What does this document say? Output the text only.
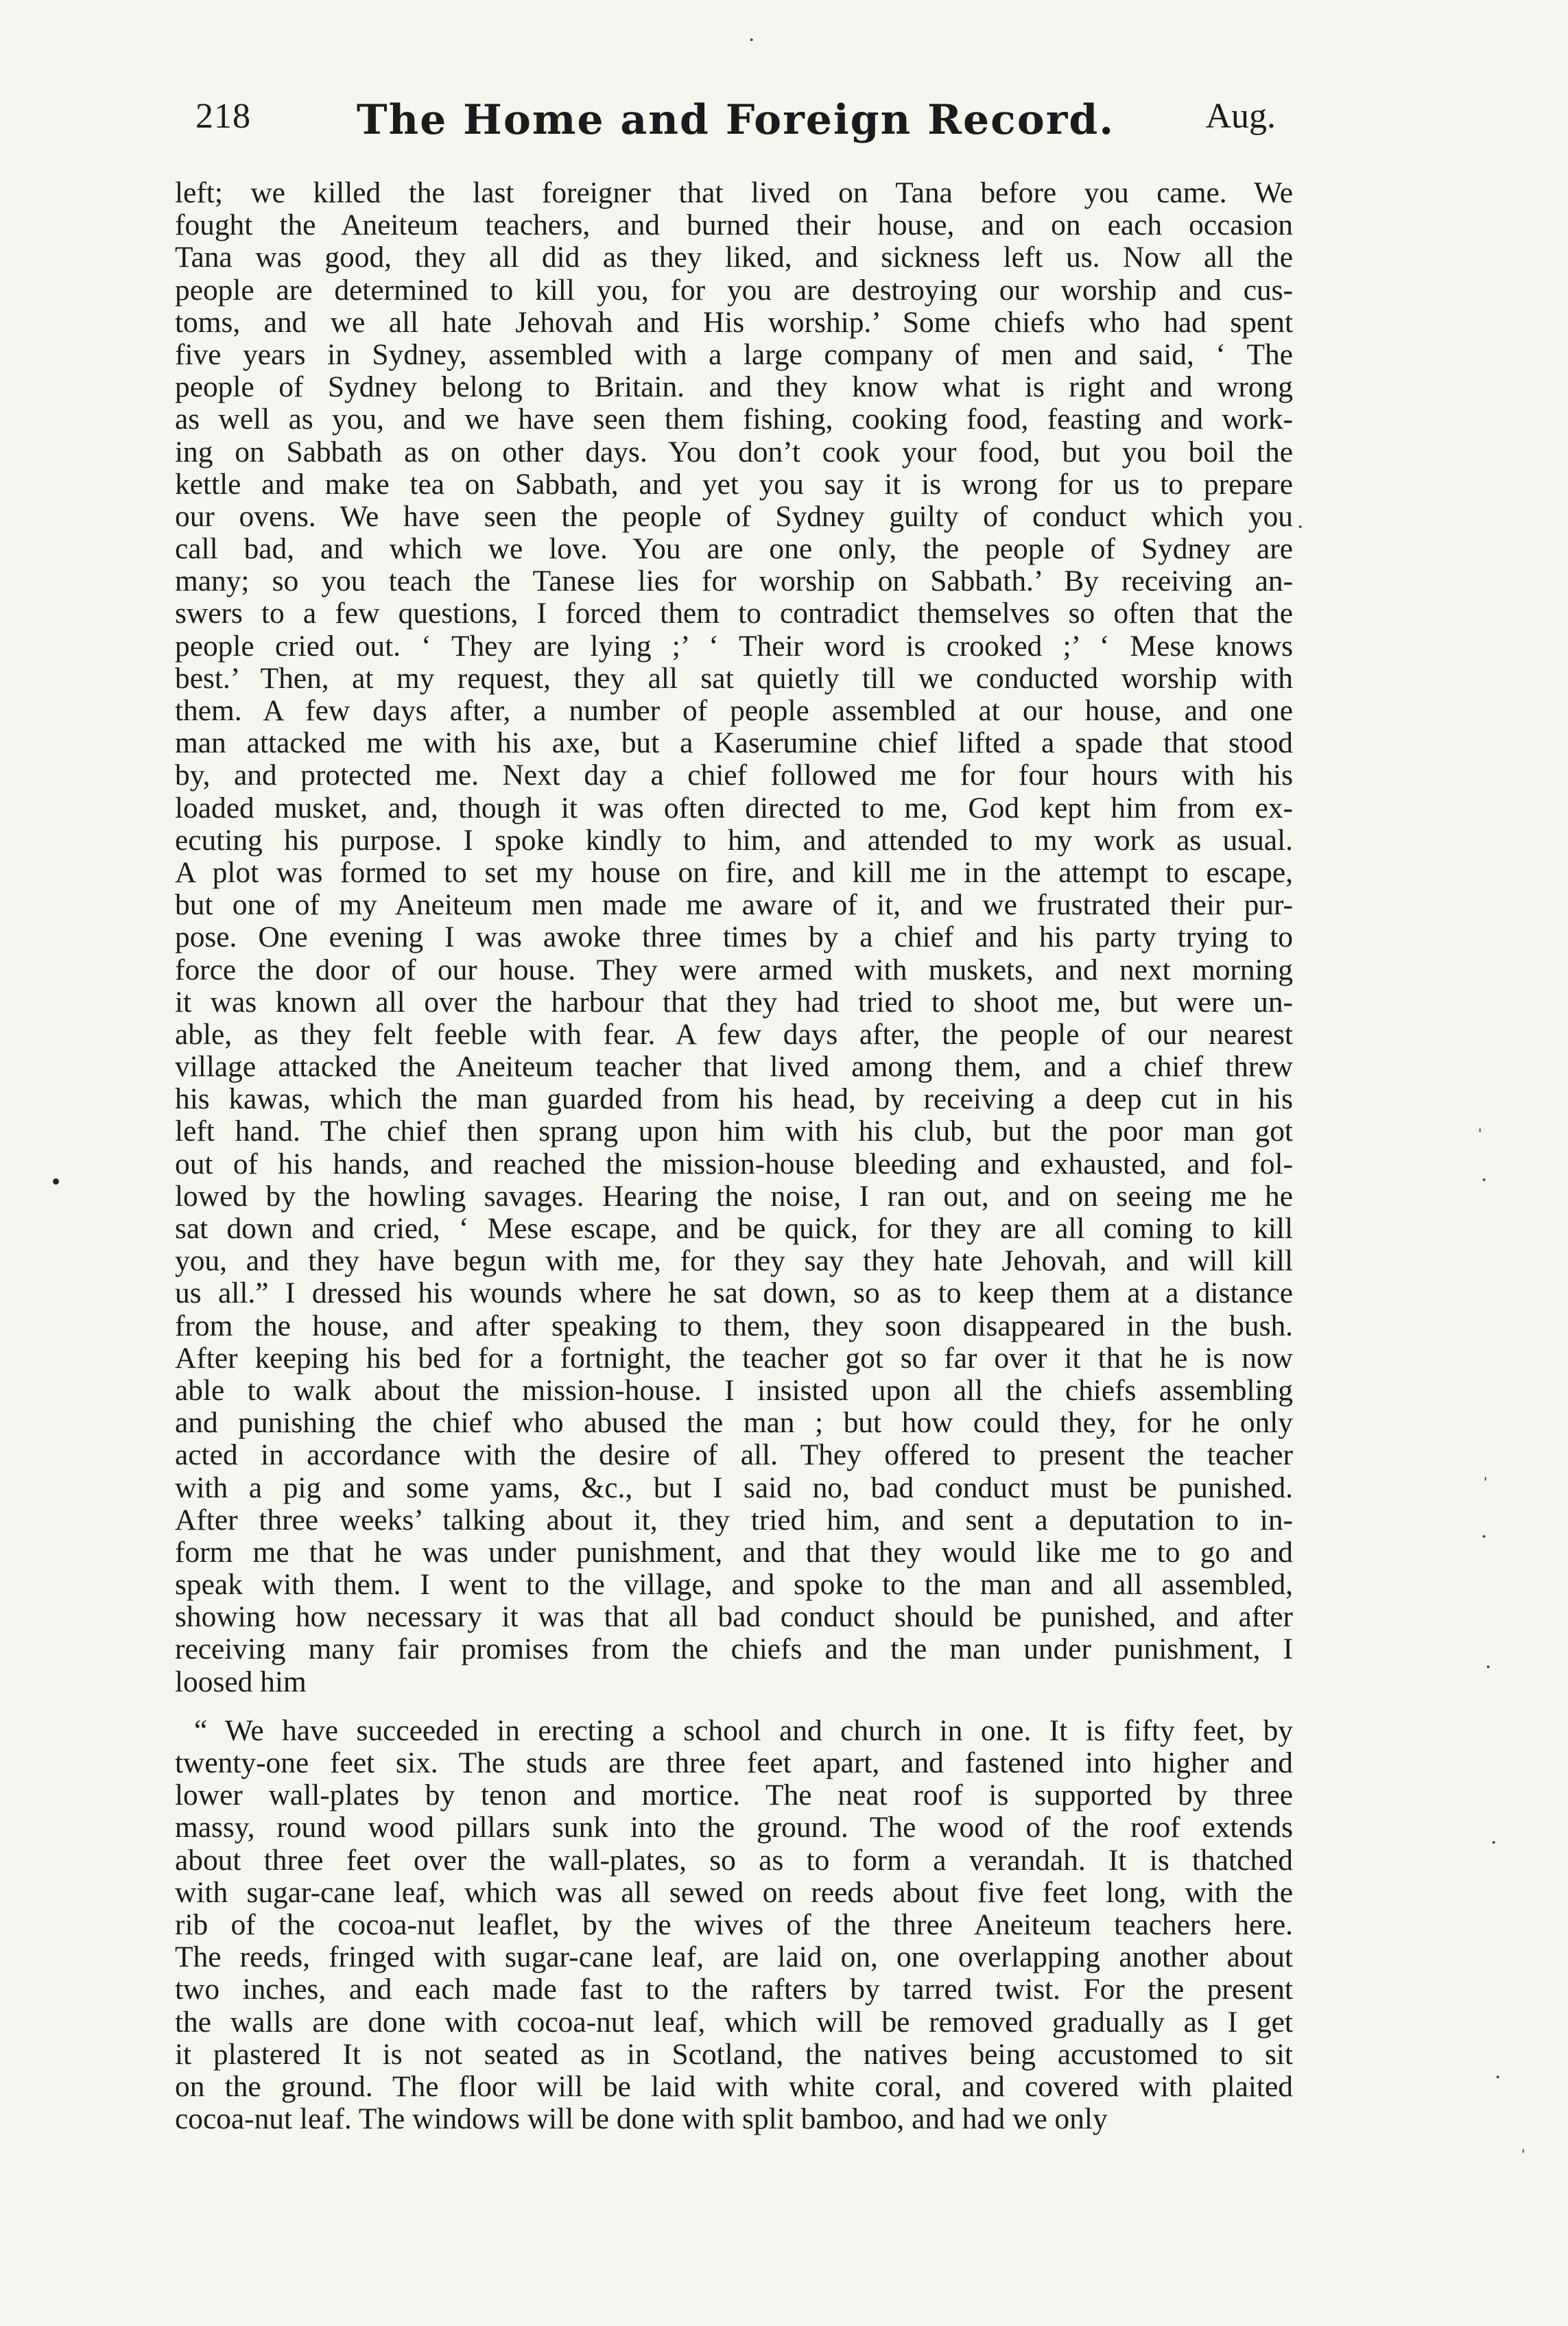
218	The Home and Foreign Record.	Aug.
left; we killed the last foreigner that lived on Tana before you came. We
fought the Aneiteum teachers, and burned their house, and on each occasion
Tana was good, they all did as they liked, and sickness left us. Now all the
people are determined to kill you, for you are destroying our worship and cus-
toms, and we all hate Jehovah and His worship.’ Some chiefs who had spent
five years in Sydney, assembled with a large company of men and said, ‘ The
people of Sydney belong to Britain. and they know what is right and wrong
as well as you, and we have seen them fishing, cooking food, feasting and work-
ing on Sabbath as on other days. You don’t cook your food, but you boil the
kettle and make tea on Sabbath, and yet you say it is wrong for us to prepare
our ovens. We have seen the people of Sydney guilty of conduct which you
call bad, and which we love. You are one only, the people of Sydney are
many; so you teach the Tanese lies for worship on Sabbath.’ By receiving an-
swers to a few questions, I forced them to contradict themselves so often that the
people cried out. ‘ They are lying ;’ ‘ Their word is crooked ;’ ‘ Mese knows
best.’ Then, at my request, they all sat quietly till we conducted worship with
them. A few days after, a number of people assembled at our house, and one
man attacked me with his axe, but a Kaserumine chief lifted a spade that stood
by, and protected me. Next day a chief followed me for four hours with his
loaded musket, and, though it was often directed to me, God kept him from ex-
ecuting his purpose. I spoke kindly to him, and attended to my work as usual.
A plot was formed to set my house on fire, and kill me in the attempt to escape,
but one of my Aneiteum men made me aware of it, and we frustrated their pur-
pose. One evening I was awoke three times by a chief and his party trying to
force the door of our house. They were armed with muskets, and next morning
it was known all over the harbour that they had tried to shoot me, but were un-
able, as they felt feeble with fear. A few days after, the people of our nearest
village attacked the Aneiteum teacher that lived among them, and a chief threw
his kawas, which the man guarded from his head, by receiving a deep cut in his
left hand. The chief then sprang upon him with his club, but the poor man got
out of his hands, and reached the mission-house bleeding and exhausted, and fol-
lowed by the howling savages. Hearing the noise, I ran out, and on seeing me he
sat down and cried, ‘ Mese escape, and be quick, for they are all coming to kill
you, and they have begun with me, for they say they hate Jehovah, and will kill
us all.” I dressed his wounds where he sat down, so as to keep them at a distance
from the house, and after speaking to them, they soon disappeared in the bush.
After keeping his bed for a fortnight, the teacher got so far over it that he is now
able to walk about the mission-house. I insisted upon all the chiefs assembling
and punishing the chief who abused the man ; but how could they, for he only
acted in accordance with the desire of all. They offered to present the teacher
with a pig and some yams, &c., but I said no, bad conduct must be punished.
After three weeks’ talking about it, they tried him, and sent a deputation to in-
form me that he was under punishment, and that they would like me to go and
speak with them. I went to the village, and spoke to the man and all assembled,
showing how necessary it was that all bad conduct should be punished, and after
receiving many fair promises from the chiefs and the man under punishment, I
loosed him
“ We have succeeded in erecting a school and church in one. It is fifty feet, by
twenty-one feet six. The studs are three feet apart, and fastened into higher and
lower wall-plates by tenon and mortice. The neat roof is supported by three
massy, round wood pillars sunk into the ground. The wood of the roof extends
about three feet over the wall-plates, so as to form a verandah. It is thatched
with sugar-cane leaf, which was all sewed on reeds about five feet long, with the
rib of the cocoa-nut leaflet, by the wives of the three Aneiteum teachers here.
The reeds, fringed with sugar-cane leaf, are laid on, one overlapping another about
two inches, and each made fast to the rafters by tarred twist. For the present
the walls are done with cocoa-nut leaf, which will be removed gradually as I get
it plastered It is not seated as in Scotland, the natives being accustomed to sit
on the ground. The floor will be laid with white coral, and covered with plaited
cocoa-nut leaf. The windows will be done with split bamboo, and had we only
ˈ
·
ˈ
·
·
·
·
ˈ
·
·
